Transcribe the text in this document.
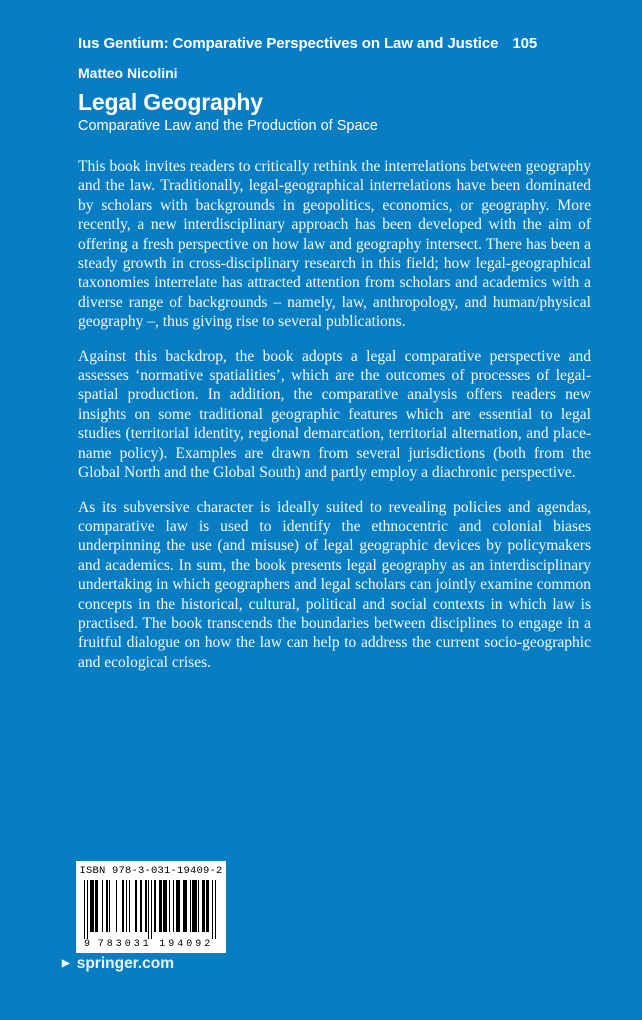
Ius Gentium: Comparative Perspectives on Law and Justice 105
Matteo Nicolini
Legal Geography
Comparative Law and the Production of Space

This book invites readers to critically rethink the interrelations between geography and the law. Traditionally, legal-geographical interrelations have been dominated by scholars with backgrounds in geopolitics, economics, or geography. More recently, a new interdisciplinary approach has been developed with the aim of offering a fresh perspective on how law and geography intersect. There has been a steady growth in cross-disciplinary research in this field; how legal-geographical taxonomies interrelate has attracted attention from scholars and academics with a diverse range of backgrounds – namely, law, anthropology, and human/physical geography –, thus giving rise to several publications.

Against this backdrop, the book adopts a legal comparative perspective and assesses ‘normative spatialities’, which are the outcomes of processes of legal-spatial production. In addition, the comparative analysis offers readers new insights on some traditional geographic features which are essential to legal studies (territorial identity, regional demarcation, territorial alternation, and place-name policy). Examples are drawn from several jurisdictions (both from the Global North and the Global South) and partly employ a diachronic perspective.

As its subversive character is ideally suited to revealing policies and agendas, comparative law is used to identify the ethnocentric and colonial biases underpinning the use (and misuse) of legal geographic devices by policymakers and academics. In sum, the book presents legal geography as an interdisciplinary undertaking in which geographers and legal scholars can jointly examine common concepts in the historical, cultural, political and social contexts in which law is practised. The book transcends the boundaries between disciplines to engage in a fruitful dialogue on how the law can help to address the current socio-geographic and ecological crises.

ISBN 978-3-031-19409-2
9 783031 194092
▶ springer.com
